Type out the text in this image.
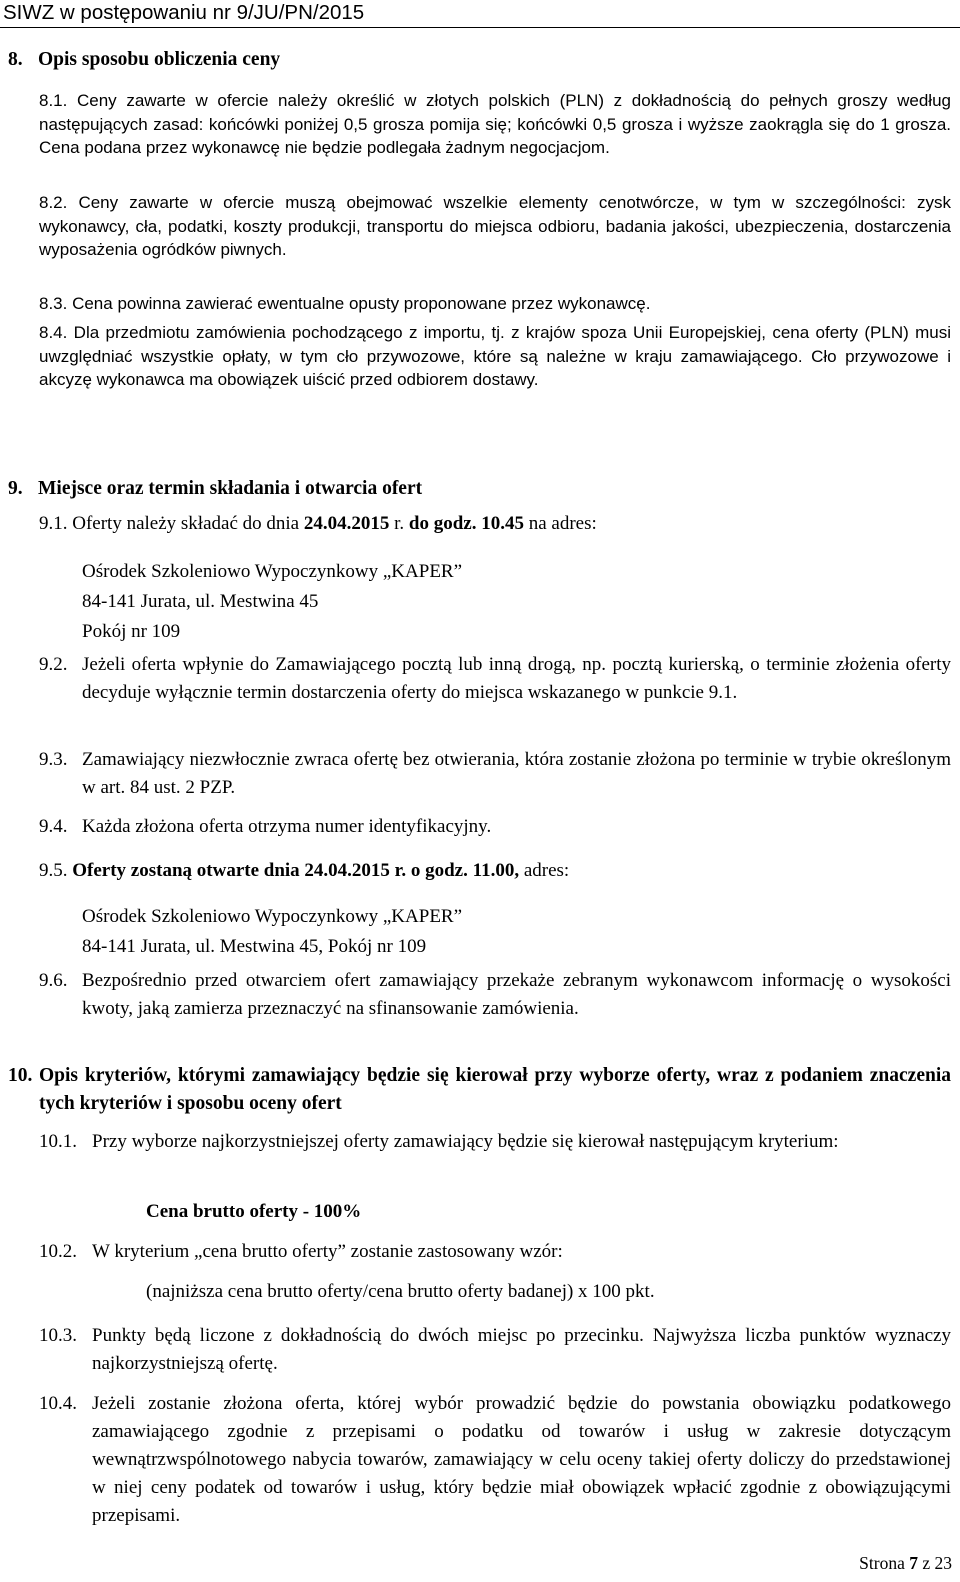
SIWZ w postępowaniu nr 9/JU/PN/2015
8. Opis sposobu obliczenia ceny
8.1. Ceny zawarte w ofercie należy określić w złotych polskich (PLN) z dokładnością do pełnych groszy według następujących zasad: końcówki poniżej 0,5 grosza pomija się; końcówki 0,5 grosza i wyższe zaokrągla się do 1 grosza. Cena podana przez wykonawcę nie będzie podlegała żadnym negocjacjom.
8.2. Ceny zawarte w ofercie muszą obejmować wszelkie elementy cenotwórcze, w tym w szczególności: zysk wykonawcy, cła, podatki, koszty produkcji, transportu do miejsca odbioru, badania jakości, ubezpieczenia, dostarczenia wyposażenia ogródków piwnych.
8.3. Cena powinna zawierać ewentualne opusty proponowane przez wykonawcę.
8.4. Dla przedmiotu zamówienia pochodzącego z importu, tj. z krajów spoza Unii Europejskiej, cena oferty (PLN) musi uwzględniać wszystkie opłaty, w tym cło przywozowe, które są należne w kraju zamawiającego. Cło przywozowe i akcyzę wykonawca ma obowiązek uiścić przed odbiorem dostawy.
9. Miejsce oraz termin składania i otwarcia ofert
9.1. Oferty należy składać do dnia 24.04.2015 r. do godz. 10.45 na adres:
Ośrodek Szkoleniowo Wypoczynkowy „KAPER”
84-141 Jurata, ul. Mestwina 45
Pokój nr 109
9.2. Jeżeli oferta wpłynie do Zamawiającego pocztą lub inną drogą, np. pocztą kurierską, o terminie złożenia oferty decyduje wyłącznie termin dostarczenia oferty do miejsca wskazanego w punkcie 9.1.
9.3. Zamawiający niezwłocznie zwraca ofertę bez otwierania, która zostanie złożona po terminie w trybie określonym w art. 84 ust. 2 PZP.
9.4. Każda złożona oferta otrzyma numer identyfikacyjny.
9.5. Oferty zostaną otwarte dnia 24.04.2015 r. o godz. 11.00, adres:
Ośrodek Szkoleniowo Wypoczynkowy „KAPER”
84-141 Jurata, ul. Mestwina 45, Pokój nr 109
9.6. Bezpośrednio przed otwarciem ofert zamawiający przekaże zebranym wykonawcom informację o wysokości kwoty, jaką zamierza przeznaczyć na sfinansowanie zamówienia.
10. Opis kryteriów, którymi zamawiający będzie się kierował przy wyborze oferty, wraz z podaniem znaczenia tych kryteriów i sposobu oceny ofert
10.1. Przy wyborze najkorzystniejszej oferty zamawiający będzie się kierował następującym kryterium:
Cena brutto oferty - 100%
10.2. W kryterium „cena brutto oferty” zostanie zastosowany wzór:
(najniższa cena brutto oferty/cena brutto oferty badanej) x 100 pkt.
10.3. Punkty będą liczone z dokładnością do dwóch miejsc po przecinku. Najwyższa liczba punktów wyznaczy najkorzystniejszą ofertę.
10.4. Jeżeli zostanie złożona oferta, której wybór prowadzić będzie do powstania obowiązku podatkowego zamawiającego zgodnie z przepisami o podatku od towarów i usług w zakresie dotyczącym wewnątrzwspólnotowego nabycia towarów, zamawiający w celu oceny takiej oferty doliczy do przedstawionej w niej ceny podatek od towarów i usług, który będzie miał obowiązek wpłacić zgodnie z obowiązującymi przepisami.
Strona 7 z 23
